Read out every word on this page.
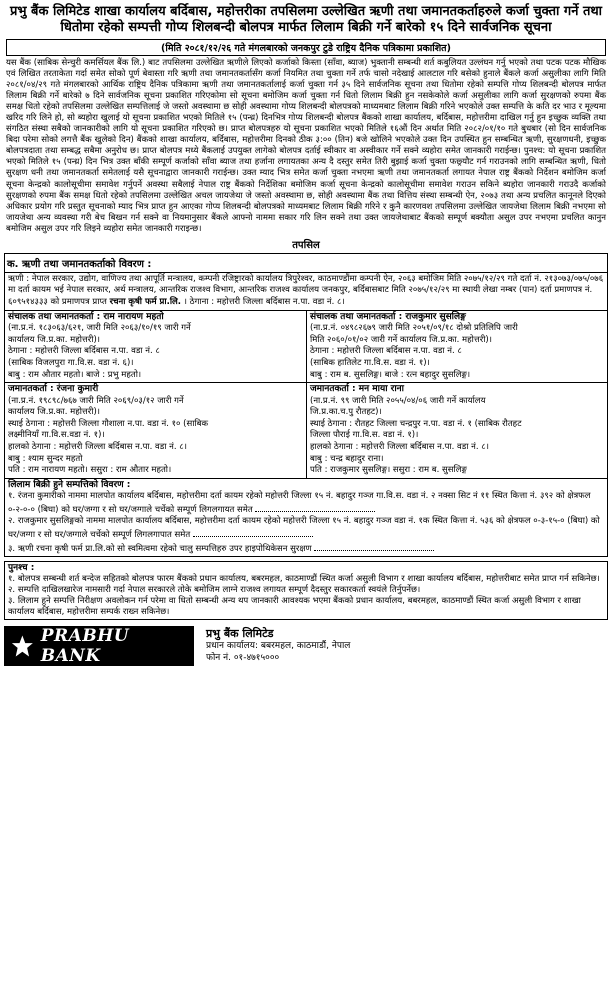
प्रभु बैंक लिमिटेड शाखा कार्यालय बर्दिबास, महोत्तरीका तपसिलमा उल्लेखित ऋणी तथा जमानतकर्ताहरुले कर्जा चुक्ता गर्ने तथा धितोमा रहेको सम्पत्ती गोप्य शिलबन्दी बोलपत्र मार्फत लिलाम बिक्री गर्ने बारेको १५ दिने सार्वजनिक सूचना
(मिति २०८१/१२/२६ गते मंगलबारको जनकपुर टुडे राष्ट्रिय दैनिक पत्रिकामा प्रकाशित)
यस बैंक (साबिक सेन्चुरी कमर्सियल बैंक लि.) बाट तपसिलमा उल्लेखित ऋणीले लिएको कर्जाको किस्ता (साँवा, ब्याज) भुक्तानी सम्बन्धी शर्त कबुलियत उल्लंघन गर्नु भएको तथा पटक पटक मौखिक एवं लिखित तरताकेता गर्दा समेत सोको पूर्ण बेवास्ता गरि ऋणी तथा जमानतकर्तासँग कर्जा नियमित तथा चुक्ता गर्ने तर्फ चासो नदेखाई आलटाल गरि बसेको हुनाले बैंकले कर्जा असुलीका लागि मिति २०८१/०४/२९ गते मंगलबारको आर्थिक राष्ट्रिय दैनिक पत्रिकामा ऋणी तथा जमानतकर्तालाई कर्जा चुक्ता गर्न ३५ दिने सार्वजनिक सूचना तथा धितोमा रहेको सम्पत्ति गोप्य शिलबन्दी बोलपत्र मार्फत लिलाम बिक्री गर्ने बारेको ७ दिने सार्वजनिक सूचना प्रकाशित गरिएकोमा सो सूचना बमोजिम कर्जा चुक्ता गर्न धितो लिलाम बिक्री हुन नसकेकोले कर्जा असुलीका लागि कर्जा सुरक्षणको रुपमा बैंक समक्ष धितो रहेको तपसिलमा उल्लेखित सम्पत्तिलाई जे जस्तो अवस्थामा छ सोही अवस्थामा गोप्य शिलबन्दी बोलपत्रको माध्यमबाट लिलाम बिक्री गरिने भएकोले उक्त सम्पत्ति के कति दर भाउ र मूल्यमा खरिद गरि लिने हो, सो ब्यहोरा खुलाई यो सूचना प्रकाशित भएको मितिले १५ (पन्ध्र) दिनभित्र गोप्य शिलबन्दी बोलपत्र बैंकको शाखा कार्यालय, बर्दिबास, महोत्तरीमा दाखिल गर्नु हुन इच्छुक व्यक्ति तथा संगठित संस्था सबैको जानकारीको लागि यो सूचना प्रकाशित गरिएको छ। प्राप्त बोलपत्रहरु यो सूचना प्रकाशित भएको मितिले १६औं दिन अर्थात मिति २०८२/०१/१० गते बुधबार (सो दिन सार्वजनिक बिदा परेमा सोको लगत्तै बैंक खुलेको दिन) बैंकको शाखा कार्यालय, बर्दिबास, महोत्तरीमा दिनको ठीक ३:०० (तिन) बजे खोलिने भएकोले उक्त दिन उपस्थित हुन सम्बन्धित ऋणी, सुरक्षणधनी, इच्छुक बोलपत्रदाता तथा सम्बद्ध सबैमा अनुरोध छ। प्राप्त बोलपत्र मध्ये बैंकलाई उपयुक्त लागेको बोलपत्र दर्ताई स्वीकार वा अस्वीकार गर्ने सक्ने व्यहोरा समेत जानकारी गराईन्छ। पुनश्च: यो सूचना प्रकाशित भएको मितिले १५ (पन्ध्र) दिन भित्र उक्त बाँकी सम्पूर्ण कर्जाको साँवा ब्याज तथा हर्जाना लगायतका अन्य दै दस्तुर समेत तिरी बुझाई कर्जा चुक्ता फछ्र्यौट गर्न गराउनको लागि सम्बन्धित ऋणी, धितो सुरक्षण धनी तथा जमानतकर्ता समेतलाई यसै सूचनाद्वारा जानकारी गराईन्छ। उक्त म्याद भित्र समेत कर्जा चुक्ता नभएमा ऋणी तथा जमानतकर्ता लगायत नेपाल राष्ट्र बैंकको निर्देशन बमोजिम कर्जा सूचना केन्द्रको कालोसूचीमा समावेश गर्नुपर्ने अवस्था सबैलाई नेपाल राष्ट्र बैंकको निर्देशिका बमोजिम कर्जा सूचना केन्द्रको कालोसूचीमा समावेश गराउन सकिने ब्यहोरा जानकारी गराउदै कर्जाको सुरक्षणको रुपमा बैंक समक्ष धितो रहेको तपसिलमा उल्लेखित अचल जायजेथा जे जस्तो अवस्थामा छ, सोही अवस्थामा बैंक तथा वित्तिय संस्था सम्बन्धी ऐन, २०७३ तथा अन्य प्रचलित कानूनले दिएको अधिकार प्रयोग गरि प्रस्तुत सूचनाको म्याद भित्र प्राप्त हुन आएका गोप्य शिलबन्दी बोलपत्रको माध्यमबाट लिलाम बिक्री गरिने र कुनै कारणवश तपसिलमा उल्लेखित जायजेथा लिलाम बिक्री नभएमा सो जायजेथा अन्य व्यवस्था गरी बेच बिखन गर्न सक्ने वा नियमानुसार बैंकले आफ्नो नाममा सकार गरि लिन सक्ने तथा उक्त जायजेथाबाट बैंकको सम्पूर्ण बक्यौता असुल उपर नभएमा प्रचलित कानुन बमोजिम असुल उपर गरि लिइने व्यहोरा समेत जानकारी गराइन्छ।
तपसिल
क. ऋणी तथा जमानतकर्ताको विवरण :
ऋणी : नेपाल सरकार, उद्योग, वाणिज्य तथा आपूर्ति मन्त्रालय, कम्पनी रजिष्ट्रारको कार्यालय त्रिपुरेश्वर, काठमाण्डौंमा कम्पनी ऐन, २०६३ बमोजिम मिति २०७५/१२/२९ गते दर्ता नं. २१३०७३/०७५/०७६ मा दर्ता कायम भई नेपाल सरकार, अर्थ मन्त्रालय, आन्तरिक राजश्व विभाग, आन्तरिक राजश्व कार्यालय जनकपुर, बर्दिबासबाट मिति २०७५/१२/२९ मा स्थायी लेखा नम्बर (पान) दर्ता प्रमाणपत्र नं. ६०९५१४३३३ को प्रमाणपत्र प्राप्त रचना कृषी फर्म प्रा.लि. । ठेगाना : महोत्तरी जिल्ला बर्दिबास न.पा. वडा नं. ८।
संचालक तथा जमानतकर्ता : राम नारायण महतो
(ना.प्र.नं. १८३०६३/६२१, जारी मिति २०६३/१०/१९ जारी गर्ने
कार्यालय जि.प्र.का. महोत्तरी)।
ठेगाना : महोत्तरी जिल्ला बर्दिबास न.पा. वडा नं. ८
(साबिक विजलपुरा गा.वि.स. वडा नं. ६)।
बाबु : राम औतार महतो। बाजे : प्रभु महतो।
संचालक तथा जमानतकर्ता : राजकुमार सुसलिङ्ग
(ना.प्र.नं. ०४९८२६७९ जारी मिति २०५१/०९/१८ दोश्रो प्रतिलिपि जारी
मिति २०६०/०१/०२ जारी गर्ने कार्यालय जि.प्र.का. महोत्तरी)।
ठेगाना : महोत्तरी जिल्ला बर्दिबास न.पा. वडा नं. ८
(साबिक हातिलेट गा.वि.स. वडा नं. १)।
बाबु : राम ब. सुसलिङ्ग। बाजे : रत्न बहादुर सुसलिङ्ग।
जमानतकर्ता : रंजना कुमारी
(ना.प्र.नं. १९८९८/७६७ जारी मिति २०६९/०३/१२ जारी गर्ने
कार्यालय जि.प्र.का. महोत्तरी)।
स्थाई ठेगाना : महोत्तरी जिल्ला गौशाला न.पा. वडा नं. १० (साबिक
लक्ष्मीनियाँ गा.वि.स.वडा नं. १)।
हालको ठेगाना : महोत्तरी जिल्ला बर्दिबास न.पा. वडा नं. ८।
बाबु : श्याम सुन्दर महतो
पति : राम नारायण महतो। ससुरा : राम औतार महतो।
जमानतकर्ता : मन माया राना
(ना.प्र.नं. ९९ जारी मिति २०५५/०४/०६ जारी गर्ने कार्यालय
जि.प्र.का.च.पु रौतहट)।
स्थाई ठेगाना : रौतहट जिल्ला चन्द्रपुर न.पा. वडा नं. १ (साबिक रौतहट
जिल्ला पौराई गा.वि.स. वडा नं. १)।
हालको ठेगाना : महोत्तरी जिल्ला बर्दिबास न.पा. वडा नं. ८।
बाबु : चन्द्र बहादुर राना।
पति : राजकुमार सुसलिङ्ग। ससुरा : राम ब. सुसलिङ्ग
लिलाम बिक्री हुने सम्पत्तिको विवरण :
१. रंजना कुमारीको नाममा मालपोत कार्यालय बर्दिबास, महोत्तरीमा दर्ता कायम रहेको महोत्तरी जिल्ला १५ नं. बहादुर गञ्ज गा.वि.स. वडा नं. २ नक्सा सिट नं ११ स्थित कित्ता नं. ३९२ को क्षेत्रफल ०-२-०-० (बिघा) को घर/जग्गा र सो घर/जग्गाले चर्चेको सम्पूर्ण लिगलगायत समेत
२. राजकुमार सुसलिङ्गको नाममा मालपोत कार्यालय बर्दिबास, महोत्तरीमा दर्ता कायम रहेको महोत्तरी जिल्ला १५ नं. बहादुर गञ्ज वडा नं. १क स्थित कित्ता नं. ५३६ को क्षेत्रफल ०-३-१५-० (बिघा) को घर/जग्गा र सो घर/जग्गाले चर्चेको सम्पूर्ण लिगलगापात समेत
३. ऋणी रचना कृषी फर्म प्रा.लि.को सो स्वमित्वमा रहेको चालु सम्पत्तिहरु उपर हाइपोथिकेसन सुरक्षण
पुनश्च :
१. बोलपत्र सम्बन्धी शर्त बन्देज सहितको बोलपत्र फारम बैंकको प्रधान कार्यालय, बबरमहल, काठमाण्डौं स्थित कर्जा असुली विभाग र शाखा कार्यालय बर्दिबास, महोत्तरीबाट समेत प्राप्त गर्न सकिनेछ।
२. सम्पत्ति दाखिलखारेज नामसारी गर्दा नेपाल सरकारले तोके बमोजिम लाग्ने राजश्व लगायत सम्पूर्ण दैदस्तुर सकारकर्ता स्वयंले तिर्नुपर्नेछ।
३. लिलाम हुने सम्पत्ति निरीक्षण अवलोकन गर्न परेमा वा धितो सम्बन्धी अन्य थप जानकारी आवश्यक भएमा बैंकको प्रधान कार्यालय, बबरमहल, काठमाण्डौं स्थित कर्जा असुली विभाग र शाखा कार्यालय बर्दिबास, महोत्तरीमा सम्पर्क राख्न सकिनेछ।
PRABHU BANK
प्रभु बैंक लिमिटेड
प्रधान कार्यालय: बबरमहल, काठमाडौं, नेपाल
फोन नं. ०१-४७१५०००
